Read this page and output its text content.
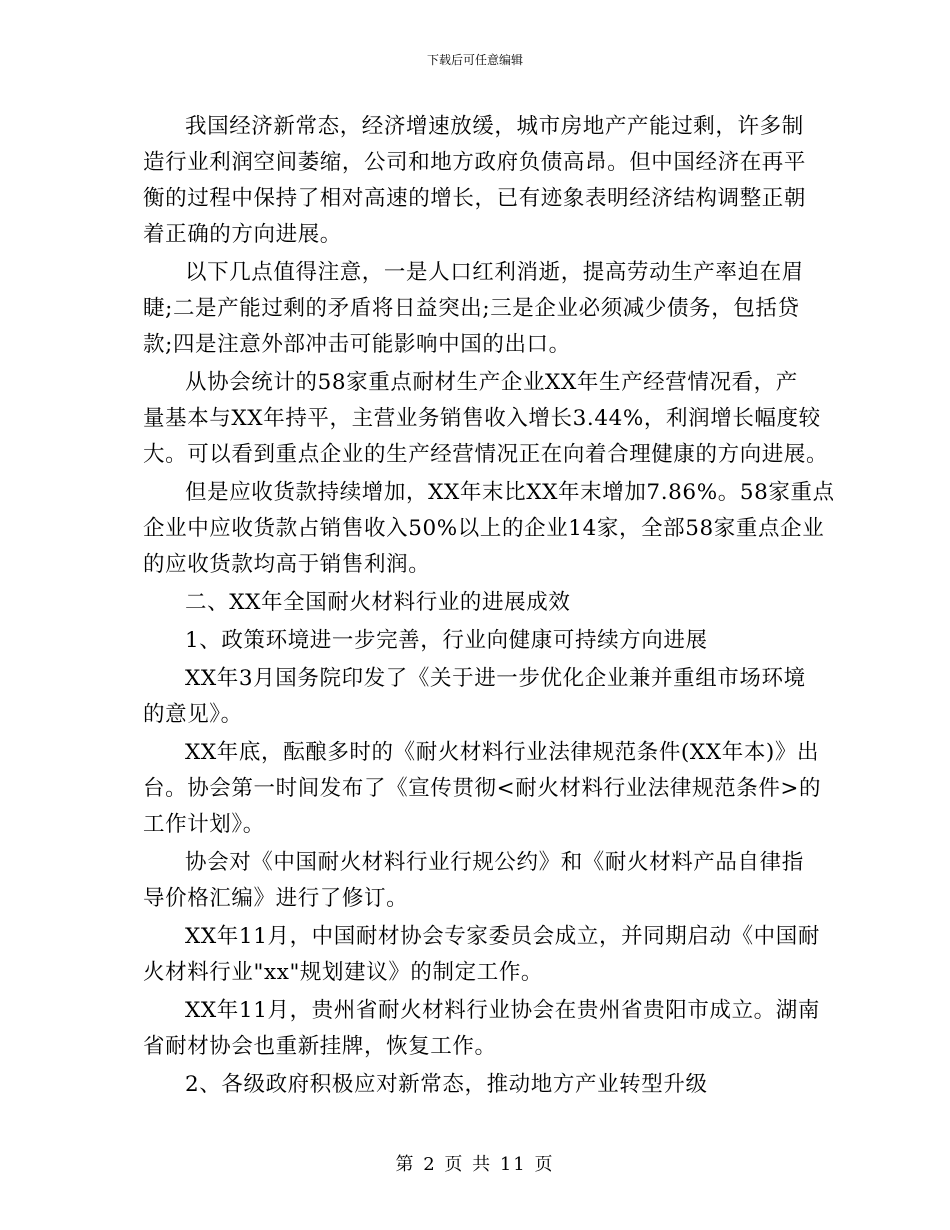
下载后可任意编辑
我国经济新常态，经济增速放缓，城市房地产产能过剩，许多制
造行业利润空间萎缩，公司和地方政府负债高昂。但中国经济在再平
衡的过程中保持了相对高速的增长，已有迹象表明经济结构调整正朝
着正确的方向进展。
以下几点值得注意，一是人口红利消逝，提高劳动生产率迫在眉
睫;二是产能过剩的矛盾将日益突出;三是企业必须减少债务，包括贷
款;四是注意外部冲击可能影响中国的出口。
从协会统计的58家重点耐材生产企业XX年生产经营情况看，产
量基本与XX年持平，主营业务销售收入增长3.44%，利润增长幅度较
大。可以看到重点企业的生产经营情况正在向着合理健康的方向进展。
但是应收货款持续增加，XX年末比XX年末增加7.86%。58家重点
企业中应收货款占销售收入50%以上的企业14家，全部58家重点企业
的应收货款均高于销售利润。
二、XX年全国耐火材料行业的进展成效
1、政策环境进一步完善，行业向健康可持续方向进展
XX年3月国务院印发了《关于进一步优化企业兼并重组市场环境
的意见》。
XX年底，酝酿多时的《耐火材料行业法律规范条件(XX年本)》出
台。协会第一时间发布了《宣传贯彻<耐火材料行业法律规范条件>的
工作计划》。
协会对《中国耐火材料行业行规公约》和《耐火材料产品自律指
导价格汇编》进行了修订。
XX年11月，中国耐材协会专家委员会成立，并同期启动《中国耐
火材料行业"xx"规划建议》的制定工作。
XX年11月，贵州省耐火材料行业协会在贵州省贵阳市成立。湖南
省耐材协会也重新挂牌，恢复工作。
2、各级政府积极应对新常态，推动地方产业转型升级
第 2 页 共 11 页
